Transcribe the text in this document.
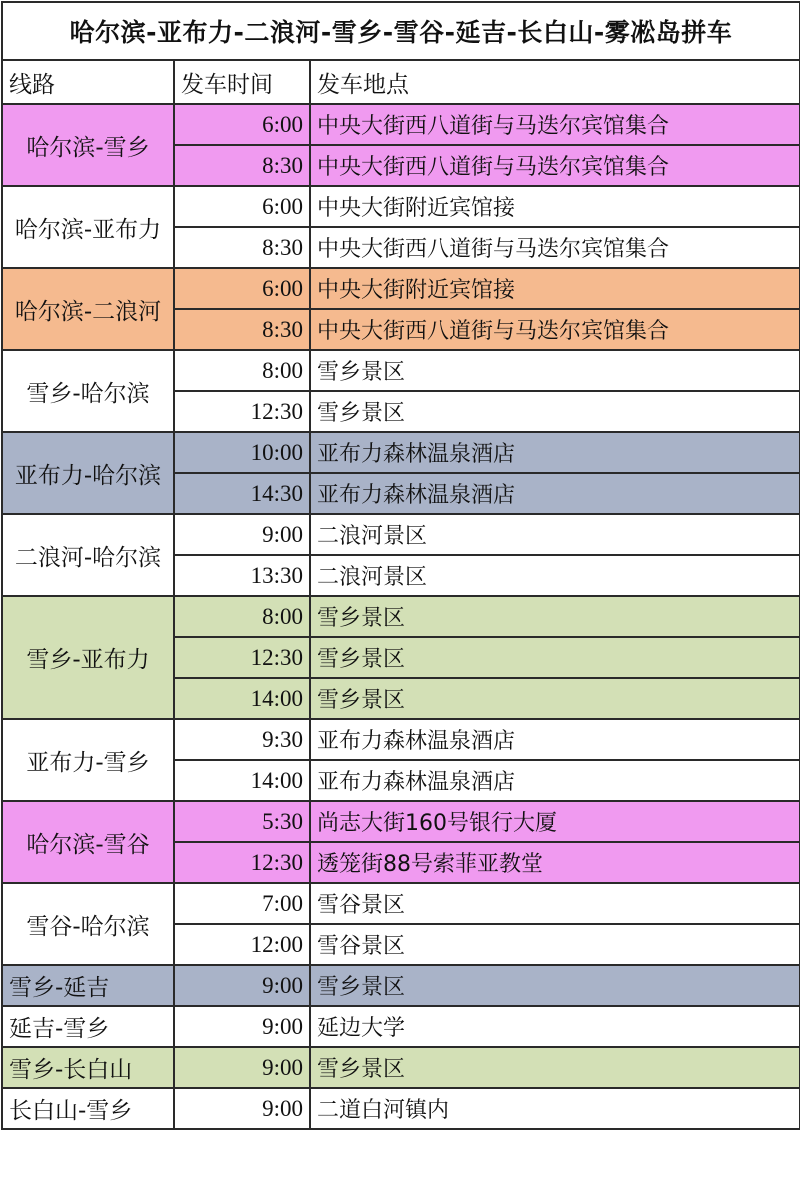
哈尔滨-亚布力-二浪河-雪乡-雪谷-延吉-长白山-雾凇岛拼车		
线路	发车时间	发车地点
哈尔滨-雪乡	6:00	中央大街西八道街与马迭尔宾馆集合
	8:30	中央大街西八道街与马迭尔宾馆集合
哈尔滨-亚布力	6:00	中央大街附近宾馆接
	8:30	中央大街西八道街与马迭尔宾馆集合
哈尔滨-二浪河	6:00	中央大街附近宾馆接
	8:30	中央大街西八道街与马迭尔宾馆集合
雪乡-哈尔滨	8:00	雪乡景区
	12:30	雪乡景区
亚布力-哈尔滨	10:00	亚布力森林温泉酒店
	14:30	亚布力森林温泉酒店
二浪河-哈尔滨	9:00	二浪河景区
	13:30	二浪河景区
雪乡-亚布力	8:00	雪乡景区
	12:30	雪乡景区
	14:00	雪乡景区
亚布力-雪乡	9:30	亚布力森林温泉酒店
	14:00	亚布力森林温泉酒店
哈尔滨-雪谷	5:30	尚志大街160号银行大厦
	12:30	透笼街88号索菲亚教堂
雪谷-哈尔滨	7:00	雪谷景区
	12:00	雪谷景区
雪乡-延吉	9:00	雪乡景区
延吉-雪乡	9:00	延边大学
雪乡-长白山	9:00	雪乡景区
长白山-雪乡	9:00	二道白河镇内
